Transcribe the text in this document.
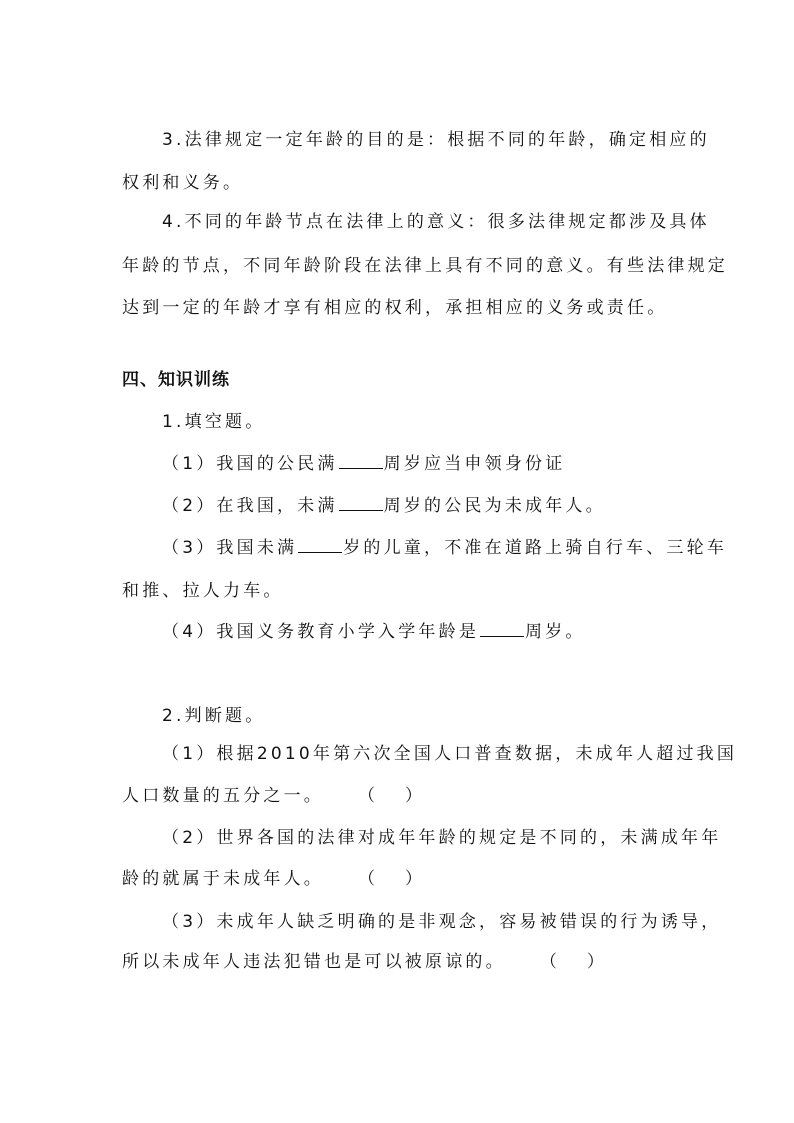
3.法律规定一定年龄的目的是：根据不同的年龄，确定相应的
权利和义务。
4.不同的年龄节点在法律上的意义：很多法律规定都涉及具体
年龄的节点，不同年龄阶段在法律上具有不同的意义。有些法律规定
达到一定的年龄才享有相应的权利，承担相应的义务或责任。
四、知识训练
1.填空题。
（1）我国的公民满	周岁应当申领身份证
（2）在我国，未满	周岁的公民为未成年人。
（3）我国未满	岁的儿童，不准在道路上骑自行车、三轮车
和推、拉人力车。
（4）我国义务教育小学入学年龄是	周岁。
2.判断题。
（1）根据2010年第六次全国人口普查数据，未成年人超过我国
人口数量的五分之一。 （ ）
（2）世界各国的法律对成年年龄的规定是不同的，未满成年年
龄的就属于未成年人。 （ ）
（3）未成年人缺乏明确的是非观念，容易被错误的行为诱导，
所以未成年人违法犯错也是可以被原谅的。 （ ）
